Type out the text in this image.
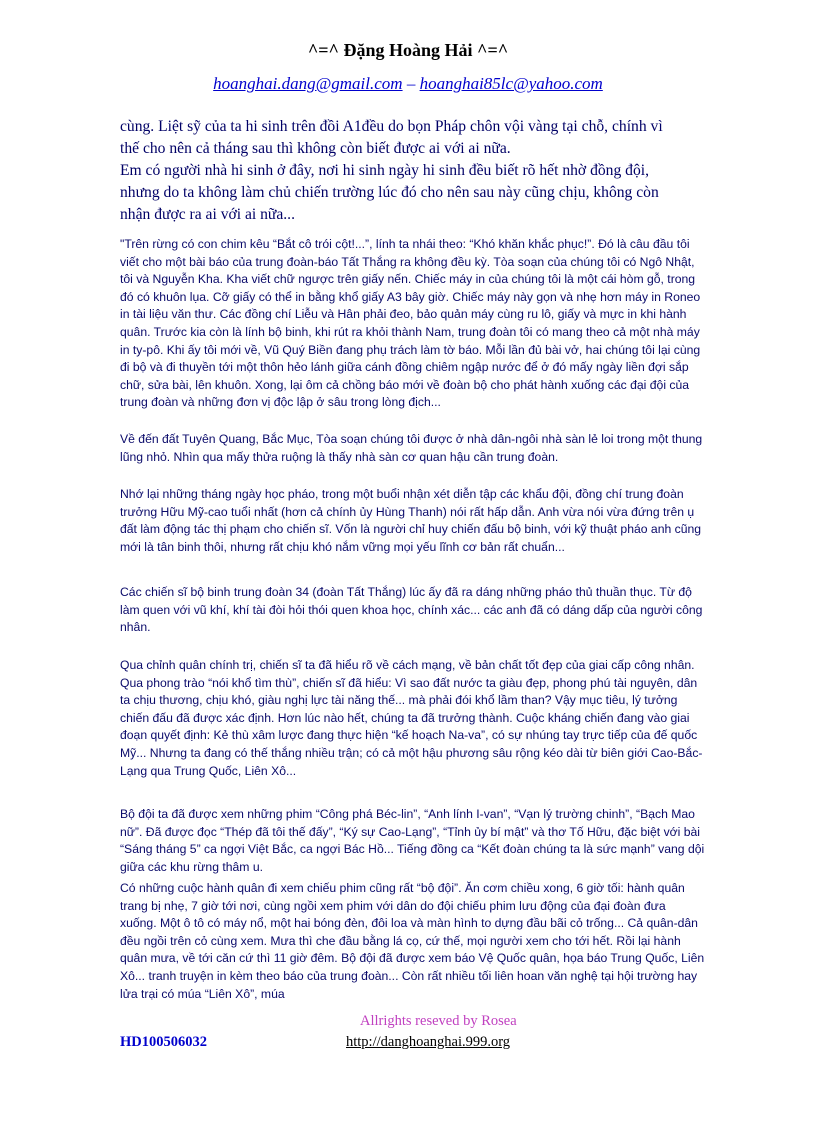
^=^ Đặng Hoàng Hải ^=^
hoanghai.dang@gmail.com – hoanghai85lc@yahoo.com

cùng. Liệt sỹ của ta hi sinh trên đồi A1đều do bọn Pháp chôn vội vàng tại chỗ, chính vì thế cho nên cả tháng sau thì không còn biết được ai với ai nữa.

Em có người nhà hi sinh ở đây, nơi hi sinh ngày hi sinh đều biết rõ hết nhờ đồng đội, nhưng do ta không làm chủ chiến trường lúc đó cho nên sau này cũng chịu, không còn nhận được ra ai với ai nữa...

"Trên rừng có con chim kêu “Bắt cô trói cột!...”, lính ta nhái theo: “Khó khăn khắc phục!”. Đó là câu đầu tôi viết cho một bài báo của trung đoàn-báo Tất Thắng ra không đều kỳ. Tòa soạn của chúng tôi có Ngô Nhật, tôi và Nguyễn Kha. Kha viết chữ ngược trên giấy nến. Chiếc máy in của chúng tôi là một cái hòm gỗ, trong đó có khuôn lụa. Cỡ giấy có thể in bằng khổ giấy A3 bây giờ. Chiếc máy này gọn và nhẹ hơn máy in Roneo in tài liệu văn thư. Các đồng chí Liễu và Hân phải đeo, bảo quản máy cùng ru lô, giấy và mực in khi hành quân. Trước kia còn là lính bộ binh, khi rút ra khỏi thành Nam, trung đoàn tôi có mang theo cả một nhà máy in ty-pô. Khi ấy tôi mới về, Vũ Quý Biền đang phụ trách làm tờ báo. Mỗi lần đủ bài vở, hai chúng tôi lại cùng đi bộ và đi thuyền tới một thôn hẻo lánh giữa cánh đồng chiêm ngập nước để ở đó mấy ngày liền đợi sắp chữ, sửa bài, lên khuôn. Xong, lại ôm cả chồng báo mới về đoàn bộ cho phát hành xuống các đại đội của trung đoàn và những đơn vị độc lập ở sâu trong lòng địch...
Về đến đất Tuyên Quang, Bắc Mục, Tòa soạn chúng tôi được ở nhà dân-ngôi nhà sàn lẻ loi trong một thung lũng nhỏ. Nhìn qua mấy thửa ruộng là thấy nhà sàn cơ quan hậu cần trung đoàn.
Nhớ lại những tháng ngày học pháo, trong một buổi nhận xét diễn tập các khẩu đội, đồng chí trung đoàn trưởng Hữu Mỹ-cao tuổi nhất (hơn cả chính ủy Hùng Thanh) nói rất hấp dẫn. Anh vừa nói vừa đứng trên ụ đất làm động tác thị phạm cho chiến sĩ. Vốn là người chỉ huy chiến đấu bộ binh, với kỹ thuật pháo anh cũng mới là tân binh thôi, nhưng rất chịu khó nắm vững mọi yếu lĩnh cơ bản rất chuẩn...
Các chiến sĩ bộ binh trung đoàn 34 (đoàn Tất Thắng) lúc ấy đã ra dáng những pháo thủ thuần thục. Từ độ làm quen với vũ khí, khí tài đòi hỏi thói quen khoa học, chính xác... các anh đã có dáng dấp của người công nhân.
Qua chỉnh quân chính trị, chiến sĩ ta đã hiểu rõ về cách mạng, về bản chất tốt đẹp của giai cấp công nhân. Qua phong trào “nói khổ tìm thù”, chiến sĩ đã hiểu: Vì sao đất nước ta giàu đẹp, phong phú tài nguyên, dân ta chịu thương, chịu khó, giàu nghị lực tài năng thế... mà phải đói khổ lầm than? Vậy mục tiêu, lý tưởng chiến đấu đã được xác định. Hơn lúc nào hết, chúng ta đã trưởng thành. Cuộc kháng chiến đang vào giai đoạn quyết định: Kẻ thù xâm lược đang thực hiện “kế hoạch Na-va”, có sự nhúng tay trực tiếp của đế quốc Mỹ... Nhưng ta đang có thế thắng nhiều trận; có cả một hậu phương sâu rộng kéo dài từ biên giới Cao-Bắc-Lạng qua Trung Quốc, Liên Xô...
Bộ đội ta đã được xem những phim “Công phá Béc-lin”, “Anh lính I-van”, “Vạn lý trường chinh”, “Bạch Mao nữ”. Đã được đọc “Thép đã tôi thế đấy”, “Ký sự Cao-Lạng”, “Tỉnh ủy bí mật” và thơ Tố Hữu, đặc biệt với bài “Sáng tháng 5” ca ngợi Việt Bắc, ca ngợi Bác Hồ... Tiếng đồng ca “Kết đoàn chúng ta là sức mạnh” vang dội giữa các khu rừng thâm u.
Có những cuộc hành quân đi xem chiếu phim cũng rất “bộ đội”. Ăn cơm chiều xong, 6 giờ tối: hành quân trang bị nhẹ, 7 giờ tới nơi, cùng ngồi xem phim với dân do đội chiếu phim lưu động của đại đoàn đưa xuống. Một ô tô có máy nổ, một hai bóng đèn, đôi loa và màn hình to dựng đầu bãi cỏ trống... Cả quân-dân đều ngồi trên cỏ cùng xem. Mưa thì che đầu bằng lá cọ, cứ thế, mọi người xem cho tới hết. Rồi lại hành quân mưa, về tới căn cứ thì 11 giờ đêm. Bộ đội đã được xem báo Vệ Quốc quân, họa báo Trung Quốc, Liên Xô... tranh truyện in kèm theo báo của trung đoàn... Còn rất nhiều tối liên hoan văn nghệ tại hội trường hay lửa trại có múa “Liên Xô”, múa
Allrights reseved by Rosea
HD100506032	http://danghoanghai.999.org
